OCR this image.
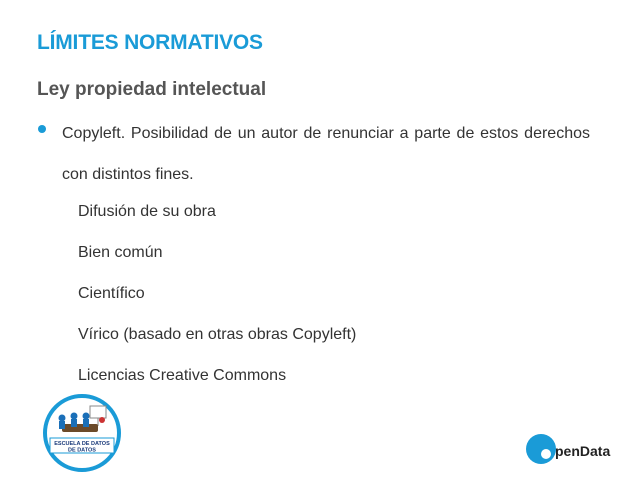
LÍMITES NORMATIVOS
Ley propiedad intelectual
Copyleft. Posibilidad de un autor de renunciar a parte de estos derechos con distintos fines.
Difusión de su obra
Bien común
Científico
Vírico (basado en otras obras Copyleft)
Licencias Creative Commons
ESCUELA DE DATOS
DE DATOS	penData
